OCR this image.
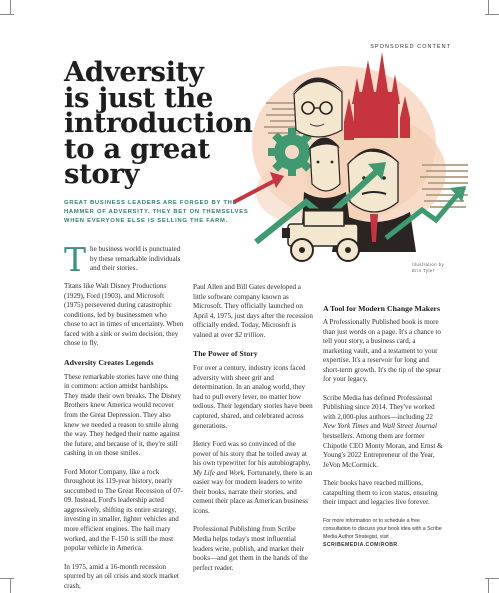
SPONSORED CONTENT
Adversity
is just the
introduction
to a great
story
GREAT BUSINESS LEADERS ARE FORGED BY THE
HAMMER OF ADVERSITY. THEY BET ON THEMSELVES
WHEN EVERYONE ELSE IS SELLING THE FARM.
Illustration by
Erin Tyler
T he business world is punctuated by these remarkable individuals and their stories.

Titans like Walt Disney Productions (1929), Ford (1903), and Microsoft (1975) persevered during catastrophic conditions, led by businessmen who chose to act in times of uncertainty. When faced with a sink or swim decision, they chose to fly.

Adversity Creates Legends

These remarkable stories have one thing in common: action amidst hardships. They made their own breaks. The Disney Brothers knew America would recover from the Great Depression. They also knew we needed a reason to smile along the way. They hedged their name against the future, and because of it, they're still cashing in on those smiles.

Ford Motor Company, like a rock throughout its 119-year history, nearly succumbed to The Great Recession of 07-09. Instead, Ford's leadership acted aggressively, shifting its entire strategy, investing in smaller, lighter vehicles and more efficient engines. The hail mary worked, and the F-150 is still the most popular vehicle in America.

In 1975, amid a 16-month recession spurred by an oil crisis and stock market crash,

Paul Allen and Bill Gates developed a little software company known as Microsoft. They officially launched on April 4, 1975, just days after the recession officially ended. Today, Microsoft is valued at over $2 trillion.

The Power of Story

For over a century, industry icons faced adversity with sheer grit and determination. In an analog world, they had to pull every lever, no matter how tedious. Their legendary stories have been captured, shared, and celebrated across generations.

Henry Ford was so convinced of the power of his story that he toiled away at his own typewriter for his autobiography, My Life and Work. Fortunately, there is an easier way for modern leaders to write their books, narrate their stories, and cement their place as American business icons.

Professional Publishing from Scribe Media helps today's most influential leaders write, publish, and market their books—and get them in the hands of the perfect reader.

A Tool for Modern Change Makers

A Professionally Published book is more than just words on a page. It's a chance to tell your story, a business card, a marketing vault, and a testament to your expertise. It's a reservoir for long and short-term growth. It's the tip of the spear for your legacy.

Scribe Media has defined Professional Publishing since 2014. They've worked with 2,000-plus authors—including 22 New York Times and Wall Street Journal bestsellers. Among them are former Chipotle CEO Monty Moran, and Ernst & Young's 2022 Entrepreneur of the Year, JeVon McCormick.

Their books have reached millions, catapulting them to icon status, ensuring their impact and legacies live forever.

For more information or to schedule a free consultation to discuss your book idea with a Scribe Media Author Strategist, visit SCRIBEMEDIA.COM/ROBR.
